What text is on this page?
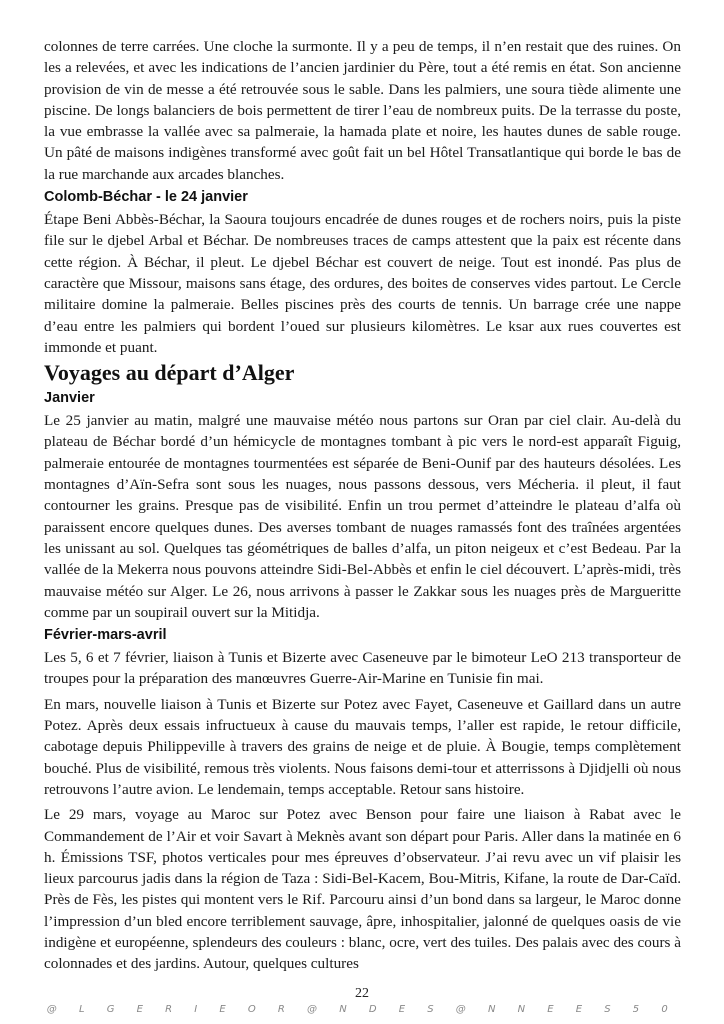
colonnes de terre carrées. Une cloche la surmonte. Il y a peu de temps, il n’en restait que des ruines. On les a relevées, et avec les indications de l’ancien jardinier du Père, tout a été remis en état. Son ancienne provision de vin de messe a été retrouvée sous le sable. Dans les palmiers, une soura tiède alimente une piscine. De longs balanciers de bois permettent de tirer l’eau de nombreux puits. De la terrasse du poste, la vue embrasse la vallée avec sa palmeraie, la hamada plate et noire, les hautes dunes de sable rouge. Un pâté de maisons indigènes transformé avec goût fait un bel Hôtel Transatlantique qui borde le bas de la rue marchande aux arcades blanches.

Colomb-Béchar - le 24 janvier

Étape Beni Abbès-Béchar, la Saoura toujours encadrée de dunes rouges et de rochers noirs, puis la piste file sur le djebel Arbal et Béchar. De nombreuses traces de camps attestent que la paix est récente dans cette région. À Béchar, il pleut. Le djebel Béchar est couvert de neige. Tout est inondé. Pas plus de caractère que Missour, maisons sans étage, des ordures, des boites de conserves vides partout. Le Cercle militaire domine la palmeraie. Belles piscines près des courts de tennis. Un barrage crée une nappe d’eau entre les palmiers qui bordent l’oued sur plusieurs kilomètres. Le ksar aux rues couvertes est immonde et puant.

Voyages au départ d’Alger
Janvier

Le 25 janvier au matin, malgré une mauvaise météo nous partons sur Oran par ciel clair. Au-delà du plateau de Béchar bordé d’un hémicycle de montagnes tombant à pic vers le nord-est apparaît Figuig, palmeraie entourée de montagnes tourmentées est séparée de Beni-Ounif par des hauteurs désolées. Les montagnes d’Aïn-Sefra sont sous les nuages, nous passons dessous, vers Mécheria. il pleut, il faut contourner les grains. Presque pas de visibilité. Enfin un trou permet d’atteindre le plateau d’alfa où paraissent encore quelques dunes. Des averses tombant de nuages ramassés font des traînées argentées les unissant au sol. Quelques tas géométriques de balles d’alfa, un piton neigeux et c’est Bedeau. Par la vallée de la Mekerra nous pouvons atteindre Sidi-Bel-Abbès et enfin le ciel découvert. L’après-midi, très mauvaise météo sur Alger. Le 26, nous arrivons à passer le Zakkar sous les nuages près de Margueritte comme par un soupirail ouvert sur la Mitidja.

Février-mars-avril

Les 5, 6 et 7 février, liaison à Tunis et Bizerte avec Caseneuve par le bimoteur LeO 213 transporteur de troupes pour la préparation des manœuvres Guerre-Air-Marine en Tunisie fin mai.

En mars, nouvelle liaison à Tunis et Bizerte sur Potez avec Fayet, Caseneuve et Gaillard dans un autre Potez. Après deux essais infructueux à cause du mauvais temps, l’aller est rapide, le retour difficile, cabotage depuis Philippeville à travers des grains de neige et de pluie. À Bougie, temps complètement bouché. Plus de visibilité, remous très violents. Nous faisons demi-tour et atterrissons à Djidjelli où nous retrouvons l’autre avion. Le lendemain, temps acceptable. Retour sans histoire.

Le 29 mars, voyage au Maroc sur Potez avec Benson pour faire une liaison à Rabat avec le Commandement de l’Air et voir Savart à Meknès avant son départ pour Paris. Aller dans la matinée en 6 h. Émissions TSF, photos verticales pour mes épreuves d’observateur. J’ai revu avec un vif plaisir les lieux parcourus jadis dans la région de Taza : Sidi-Bel-Kacem, Bou-Mitris, Kifane, la route de Dar-Caïd. Près de Fès, les pistes qui montent vers le Rif. Parcouru ainsi d’un bond dans sa largeur, le Maroc donne l’impression d’un bled encore terriblement sauvage, âpre, inhospitalier, jalonné de quelques oasis de vie indigène et européenne, splendeurs des couleurs : blanc, ocre, vert des tuiles. Des palais avec des cours à colonnades et des jardins. Autour, quelques cultures

22
@ L G E R I E O R @ N D E S @ N N E E S 5 0
